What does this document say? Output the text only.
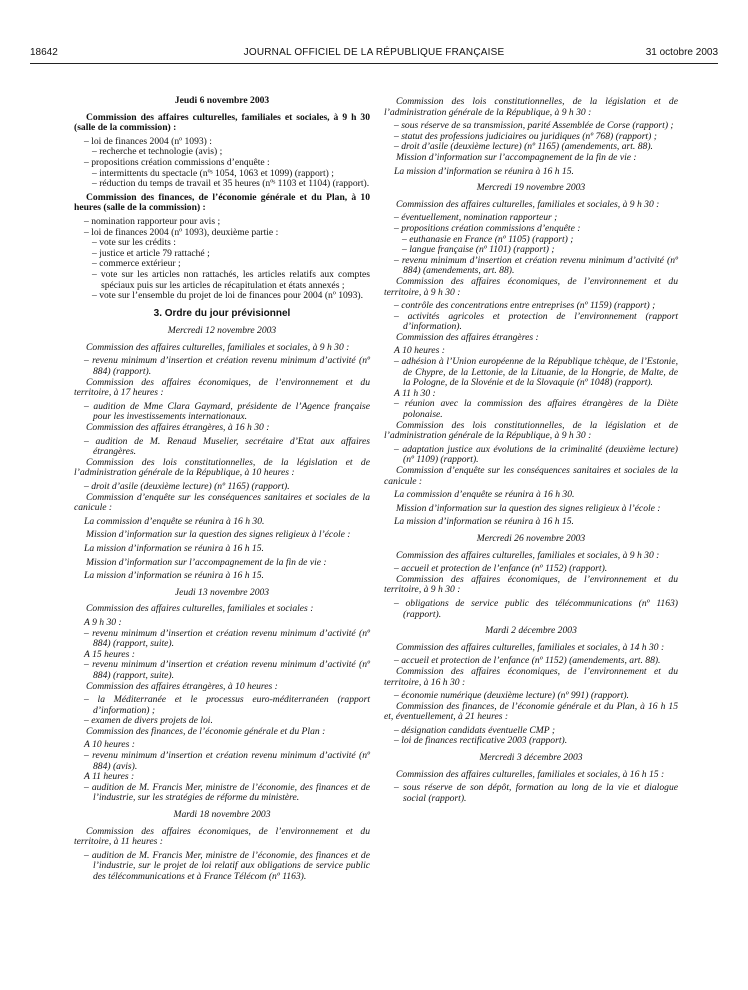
18642	JOURNAL OFFICIEL DE LA RÉPUBLIQUE FRANÇAISE	31 octobre 2003
Jeudi 6 novembre 2003

Commission des affaires culturelles, familiales et sociales, à 9 h 30 (salle de la commission) :

– loi de finances 2004 (nº 1093) :

– recherche et technologie (avis) ;

– propositions création commissions d’enquête :

– intermittents du spectacle (nºˢ 1054, 1063 et 1099) (rapport) ;

– réduction du temps de travail et 35 heures (nºˢ 1103 et 1104) (rapport).

Commission des finances, de l’économie générale et du Plan, à 10 heures (salle de la commission) :

– nomination rapporteur pour avis ;

– loi de finances 2004 (nº 1093), deuxième partie :

– vote sur les crédits :

– justice et article 79 rattaché ;

– commerce extérieur ;

– vote sur les articles non rattachés, les articles relatifs aux comptes spéciaux puis sur les articles de récapitulation et états annexés ;

– vote sur l’ensemble du projet de loi de finances pour 2004 (nº 1093).

3. Ordre du jour prévisionnel
Mercredi 12 novembre 2003

Commission des affaires culturelles, familiales et sociales, à 9 h 30 :

– revenu minimum d’insertion et création revenu minimum d’activité (nº 884) (rapport).

Commission des affaires économiques, de l’environnement et du territoire, à 17 heures :

– audition de Mme Clara Gaymard, présidente de l’Agence française pour les investissements internationaux.

Commission des affaires étrangères, à 16 h 30 :

– audition de M. Renaud Muselier, secrétaire d’Etat aux affaires étrangères.

Commission des lois constitutionnelles, de la législation et de l’administration générale de la République, à 10 heures :

– droit d’asile (deuxième lecture) (nº 1165) (rapport).

Commission d’enquête sur les conséquences sanitaires et sociales de la canicule :

La commission d’enquête se réunira à 16 h 30.

Mission d’information sur la question des signes religieux à l’école :

La mission d’information se réunira à 16 h 15.

Mission d’information sur l’accompagnement de la fin de vie :

La mission d’information se réunira à 16 h 15.

Jeudi 13 novembre 2003

Commission des affaires culturelles, familiales et sociales :

A 9 h 30 :

– revenu minimum d’insertion et création revenu minimum d’activité (nº 884) (rapport, suite).

A 15 heures :

– revenu minimum d’insertion et création revenu minimum d’activité (nº 884) (rapport, suite).

Commission des affaires étrangères, à 10 heures :

– la Méditerranée et le processus euro-méditerranéen (rapport d’information) ;

– examen de divers projets de loi.

Commission des finances, de l’économie générale et du Plan :

A 10 heures :

– revenu minimum d’insertion et création revenu minimum d’activité (nº 884) (avis).

A 11 heures :

– audition de M. Francis Mer, ministre de l’économie, des finances et de l’industrie, sur les stratégies de réforme du ministère.

Mardi 18 novembre 2003

Commission des affaires économiques, de l’environnement et du territoire, à 11 heures :

– audition de M. Francis Mer, ministre de l’économie, des finances et de l’industrie, sur le projet de loi relatif aux obligations de service public des télécommunications et à France Télécom (nº 1163).

Commission des lois constitutionnelles, de la législation et de l’administration générale de la République, à 9 h 30 :

– sous réserve de sa transmission, parité Assemblée de Corse (rapport) ;

– statut des professions judiciaires ou juridiques (nº 768) (rapport) ;

– droit d’asile (deuxième lecture) (nº 1165) (amendements, art. 88).

Mission d’information sur l’accompagnement de la fin de vie :

La mission d’information se réunira à 16 h 15.

Mercredi 19 novembre 2003

Commission des affaires culturelles, familiales et sociales, à 9 h 30 :

– éventuellement, nomination rapporteur ;

– propositions création commissions d’enquête :

– euthanasie en France (nº 1105) (rapport) ;

– langue française (nº 1101) (rapport) ;

– revenu minimum d’insertion et création revenu minimum d’activité (nº 884) (amendements, art. 88).

Commission des affaires économiques, de l’environnement et du territoire, à 9 h 30 :

– contrôle des concentrations entre entreprises (nº 1159) (rapport) ;

– activités agricoles et protection de l’environnement (rapport d’information).

Commission des affaires étrangères :

A 10 heures :

– adhésion à l’Union européenne de la République tchèque, de l’Estonie, de Chypre, de la Lettonie, de la Lituanie, de la Hongrie, de Malte, de la Pologne, de la Slovénie et de la Slovaquie (nº 1048) (rapport).

A 11 h 30 :

– réunion avec la commission des affaires étrangères de la Diète polonaise.

Commission des lois constitutionnelles, de la législation et de l’administration générale de la République, à 9 h 30 :

– adaptation justice aux évolutions de la criminalité (deuxième lecture) (nº 1109) (rapport).

Commission d’enquête sur les conséquences sanitaires et sociales de la canicule :

La commission d’enquête se réunira à 16 h 30.

Mission d’information sur la question des signes religieux à l’école :

La mission d’information se réunira à 16 h 15.

Mercredi 26 novembre 2003

Commission des affaires culturelles, familiales et sociales, à 9 h 30 :

– accueil et protection de l’enfance (nº 1152) (rapport).

Commission des affaires économiques, de l’environnement et du territoire, à 9 h 30 :

– obligations de service public des télécommunications (nº 1163) (rapport).

Mardi 2 décembre 2003

Commission des affaires culturelles, familiales et sociales, à 14 h 30 :

– accueil et protection de l’enfance (nº 1152) (amendements, art. 88).

Commission des affaires économiques, de l’environnement et du territoire, à 16 h 30 :

– économie numérique (deuxième lecture) (nº 991) (rapport).

Commission des finances, de l’économie générale et du Plan, à 16 h 15 et, éventuellement, à 21 heures :

– désignation candidats éventuelle CMP ;

– loi de finances rectificative 2003 (rapport).

Mercredi 3 décembre 2003

Commission des affaires culturelles, familiales et sociales, à 16 h 15 :

– sous réserve de son dépôt, formation au long de la vie et dialogue social (rapport).
